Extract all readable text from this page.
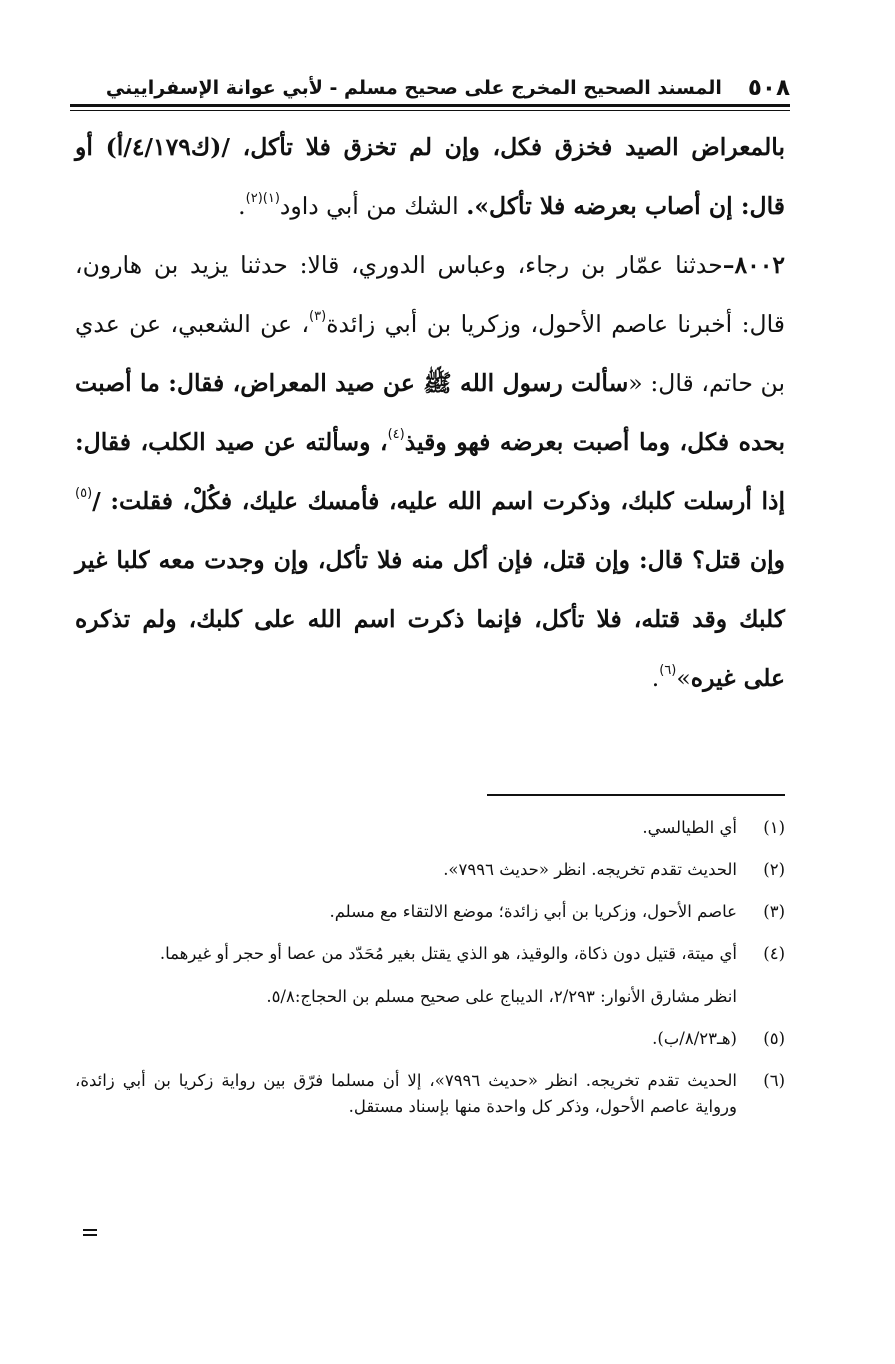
٥٠٨
المسند الصحيح المخرج على صحيح مسلم - لأبي عوانة الإسفراييني

بالمعراض الصيد فخزق فكل، وإن لم تخزق فلا تأكل، /(ك٤/١٧٩/أ) أو قال: إن أصاب بعرضه فلا تأكل». الشك من أبي داود$^{(١)(٢)}$.

٨٠٠٢–حدثنا عمّار بن رجاء، وعباس الدوري، قالا: حدثنا يزيد بن هارون، قال: أخبرنا عاصم الأحول، وزكريا بن أبي زائدة$^{(٣)}$، عن الشعبي، عن عدي بن حاتم، قال: «سألت رسول الله ﷺ عن صيد المعراض، فقال: ما أصبت بحده فكل، وما أصبت بعرضه فهو وقيذ$^{(٤)}$، وسألته عن صيد الكلب، فقال: إذا أرسلت كلبك، وذكرت اسم الله عليه، فأمسك عليك، فكُلْ، فقلت: /$^{(٥)}$ وإن قتل؟ قال: وإن قتل، فإن أكل منه فلا تأكل، وإن وجدت معه كلبا غير كلبك وقد قتله، فلا تأكل، فإنما ذكرت اسم الله على كلبك، ولم تذكره على غيره»$^{(٦)}$.

(١)
أي الطيالسي.
(٢)
الحديث تقدم تخريجه. انظر «حديث ٧٩٩٦».
(٣)
عاصم الأحول، وزكريا بن أبي زائدة؛ موضع الالتقاء مع مسلم.
(٤)
أي ميتة، قتيل دون ذكاة، والوقيذ، هو الذي يقتل بغير مُحَدّد من عصا أو حجر أو غيرهما.
انظر مشارق الأنوار: ٢/٢٩٣، الديباج على صحيح مسلم بن الحجاج:٥/٨.
(٥)
(هـ٨/٢٣/ب).
(٦)
الحديث تقدم تخريجه. انظر «حديث ٧٩٩٦»، إلا أن مسلما فرّق بين رواية زكريا بن أبي زائدة، ورواية عاصم الأحول، وذكر كل واحدة منها بإسناد مستقل.
